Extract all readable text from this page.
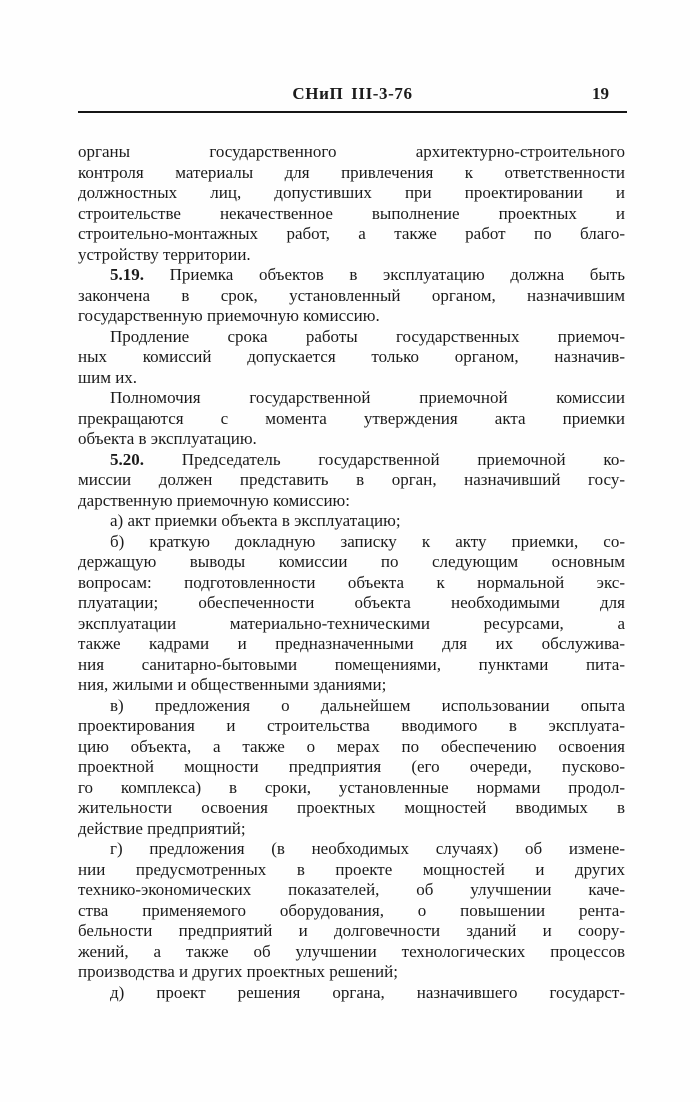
СНиП III-3-76	19
органы государственного архитектурно-строительного
контроля материалы для привлечения к ответственности
должностных лиц, допустивших при проектировании и
строительстве некачественное выполнение проектных и
строительно-монтажных работ, а также работ по благо-
устройству территории.
5.19. Приемка объектов в эксплуатацию должна быть
закончена в срок, установленный органом, назначившим
государственную приемочную комиссию.
Продление срока работы государственных приемоч-
ных комиссий допускается только органом, назначив-
шим их.
Полномочия государственной приемочной комиссии
прекращаются с момента утверждения акта приемки
объекта в эксплуатацию.
5.20. Председатель государственной приемочной ко-
миссии должен представить в орган, назначивший госу-
дарственную приемочную комиссию:
а) акт приемки объекта в эксплуатацию;
б) краткую докладную записку к акту приемки, со-
держащую выводы комиссии по следующим основным
вопросам: подготовленности объекта к нормальной экс-
плуатации; обеспеченности объекта необходимыми для
эксплуатации материально-техническими ресурсами, а
также кадрами и предназначенными для их обслужива-
ния санитарно-бытовыми помещениями, пунктами пита-
ния, жилыми и общественными зданиями;
в) предложения о дальнейшем использовании опыта
проектирования и строительства вводимого в эксплуата-
цию объекта, а также о мерах по обеспечению освоения
проектной мощности предприятия (его очереди, пусково-
го комплекса) в сроки, установленные нормами продол-
жительности освоения проектных мощностей вводимых в
действие предприятий;
г) предложения (в необходимых случаях) об измене-
нии предусмотренных в проекте мощностей и других
технико-экономических показателей, об улучшении каче-
ства применяемого оборудования, о повышении рента-
бельности предприятий и долговечности зданий и соору-
жений, а также об улучшении технологических процессов
производства и других проектных решений;
д) проект решения органа, назначившего государст-
